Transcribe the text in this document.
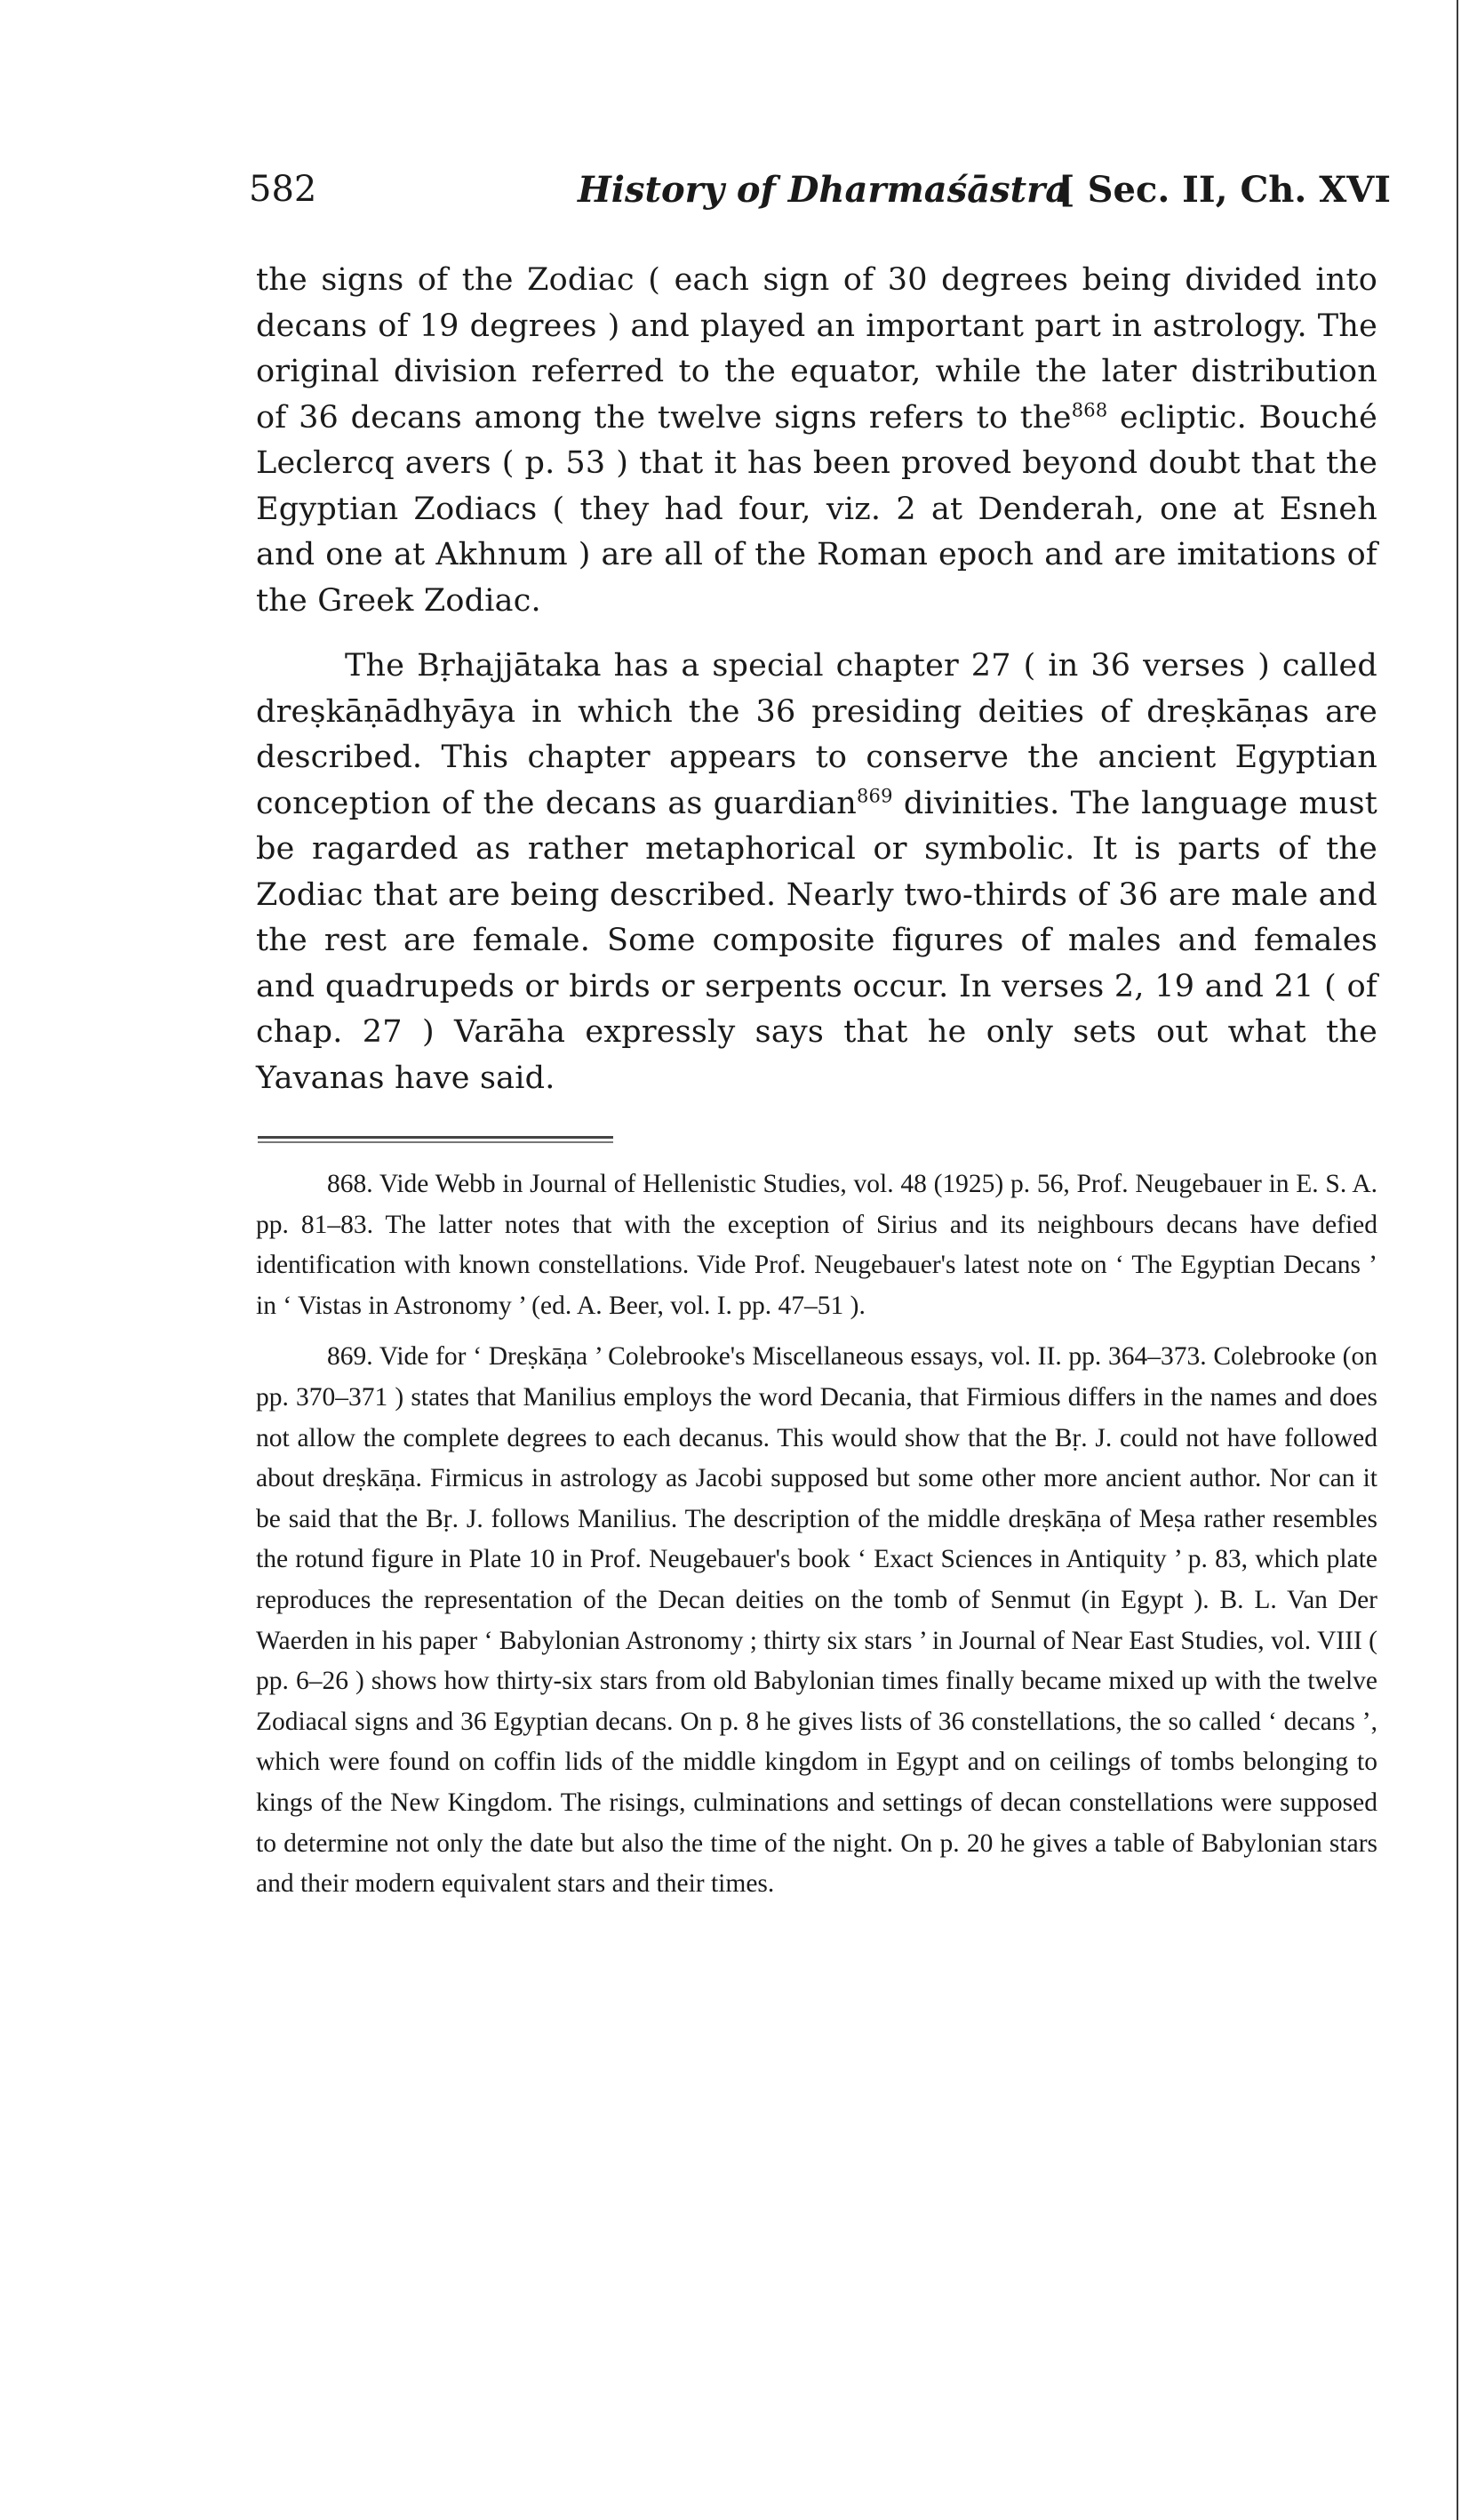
582	History of Dharmaśāstra
[ Sec. II, Ch. XVI

the signs of the Zodiac ( each sign of 30 degrees being divided into decans of 19 degrees ) and played an important part in astrology. The original division referred to the equator, while the later distribution of 36 decans among the twelve signs refers to the$^{868}$ ecliptic. Bouché Leclercq avers ( p. 53 ) that it has been proved beyond doubt that the Egyptian Zodiacs ( they had four, viz. 2 at Denderah, one at Esneh and one at Akhnum ) are all of the Roman epoch and are imitations of the Greek Zodiac.

The Bṛhajjātaka has a special chapter 27 ( in 36 verses ) called dreṣkāṇādhyāya in which the 36 presiding deities of dreṣkāṇas are described. This chapter appears to conserve the ancient Egyptian conception of the decans as guardian$^{869}$ divinities. The language must be ragarded as rather metaphorical or symbolic. It is parts of the Zodiac that are being described. Nearly two-thirds of 36 are male and the rest are female. Some composite figures of males and females and quadrupeds or birds or serpents occur. In verses 2, 19 and 21 ( of chap. 27 ) Varāha expressly says that he only sets out what the Yavanas have said.

868. Vide Webb in Journal of Hellenistic Studies, vol. 48 (1925) p. 56, Prof. Neugebauer in E. S. A. pp. 81–83. The latter notes that with the exception of Sirius and its neighbours decans have defied identification with known constellations. Vide Prof. Neugebauer's latest note on ‘ The Egyptian Decans ’ in ‘ Vistas in Astronomy ’ (ed. A. Beer, vol. I. pp. 47–51 ).

869. Vide for ‘ Dreṣkāṇa ’ Colebrooke's Miscellaneous essays, vol. II. pp. 364–373. Colebrooke (on pp. 370–371 ) states that Manilius employs the word Decania, that Firmious differs in the names and does not allow the complete degrees to each decanus. This would show that the Bṛ. J. could not have followed about dreṣkāṇa. Firmicus in astrology as Jacobi supposed but some other more ancient author. Nor can it be said that the Bṛ. J. follows Manilius. The description of the middle dreṣkāṇa of Meṣa rather resembles the rotund figure in Plate 10 in Prof. Neugebauer's book ‘ Exact Sciences in Antiquity ’ p. 83, which plate reproduces the representation of the Decan deities on the tomb of Senmut (in Egypt ). B. L. Van Der Waerden in his paper ‘ Babylonian Astronomy ; thirty six stars ’ in Journal of Near East Studies, vol. VIII ( pp. 6–26 ) shows how thirty-six stars from old Babylonian times finally became mixed up with the twelve Zodiacal signs and 36 Egyptian decans. On p. 8 he gives lists of 36 constellations, the so called ‘ decans ’, which were found on coffin lids of the middle kingdom in Egypt and on ceilings of tombs belonging to kings of the New Kingdom. The risings, culminations and settings of decan constellations were supposed to determine not only the date but also the time of the night. On p. 20 he gives a table of Babylonian stars and their modern equivalent stars and their times.
